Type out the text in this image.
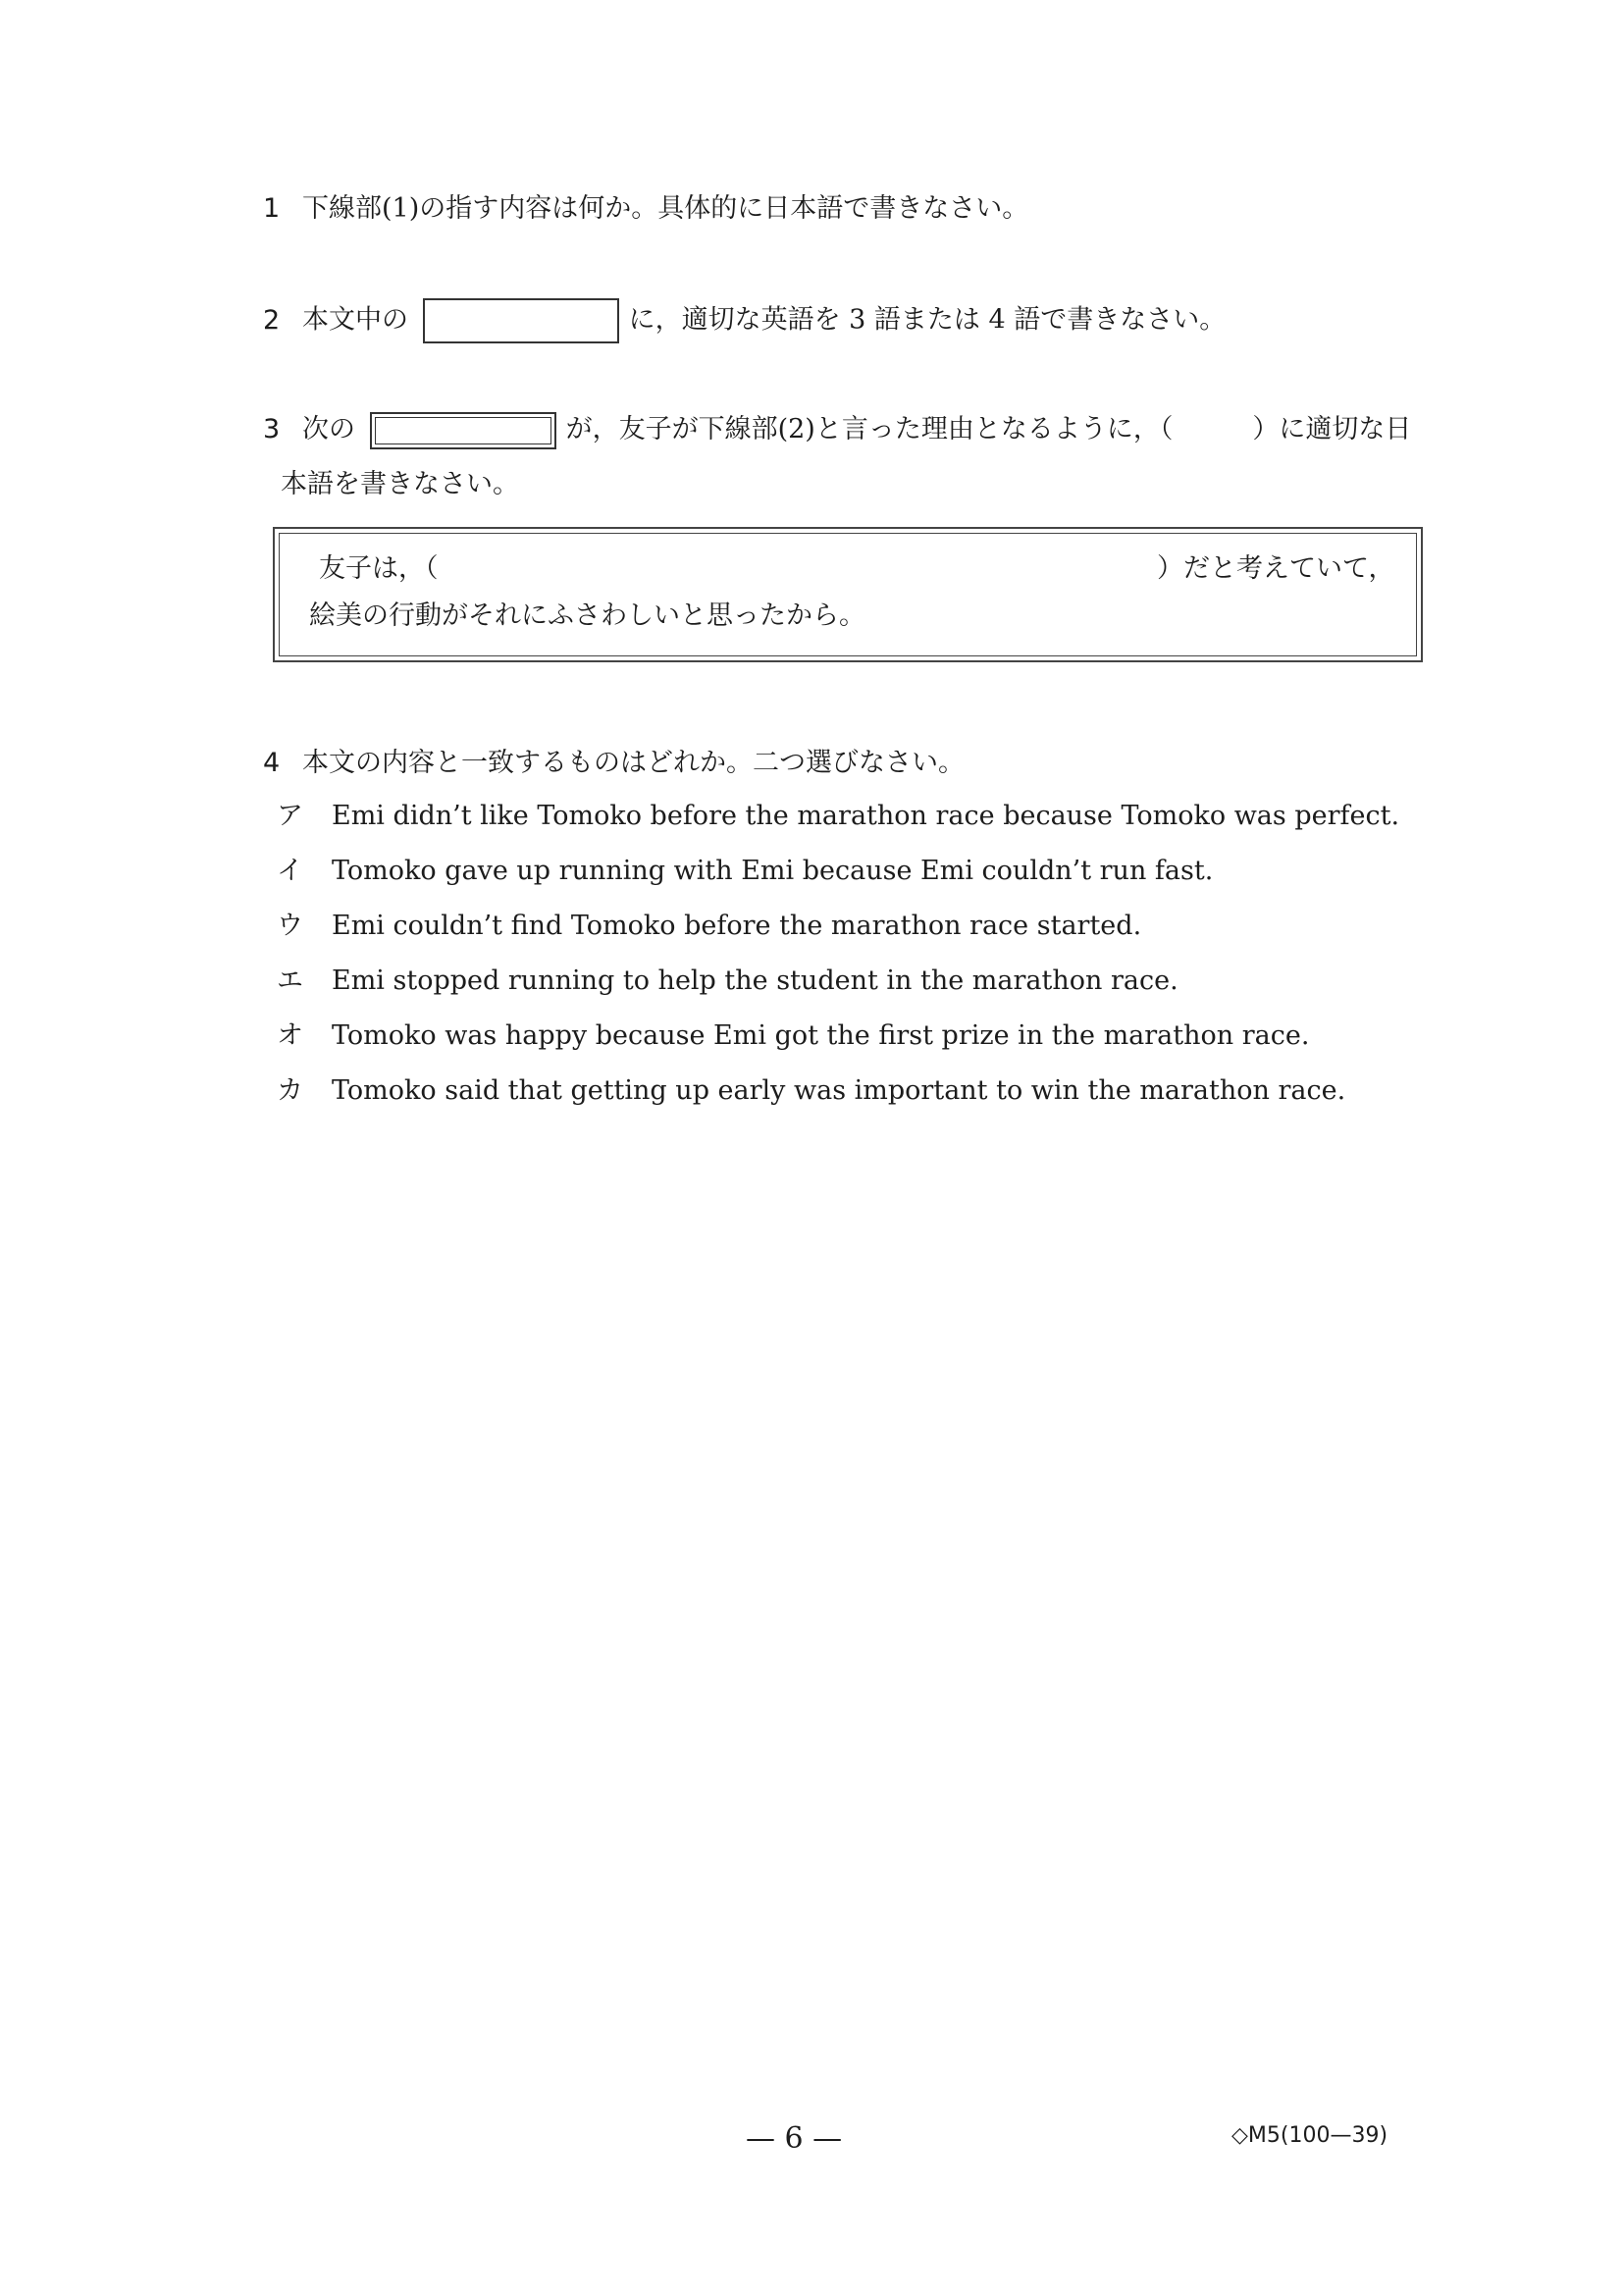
1 下線部(1)の指す内容は何か。具体的に日本語で書きなさい。
2 本文中の	に，適切な英語を 3 語または 4 語で書きなさい。
3 次の	が，友子が下線部(2)と言った理由となるように，（　　　）に適切な日
本語を書きなさい。
友子は，（	）だと考えていて，
絵美の行動がそれにふさわしいと思ったから。
4 本文の内容と一致するものはどれか。二つ選びなさい。
ア Emi didn’t like Tomoko before the marathon race because Tomoko was perfect.
イ Tomoko gave up running with Emi because Emi couldn’t run fast.
ウ Emi couldn’t find Tomoko before the marathon race started.
エ Emi stopped running to help the student in the marathon race.
オ Tomoko was happy because Emi got the first prize in the marathon race.
カ Tomoko said that getting up early was important to win the marathon race.
— 6 —	◇M5(100—39)
